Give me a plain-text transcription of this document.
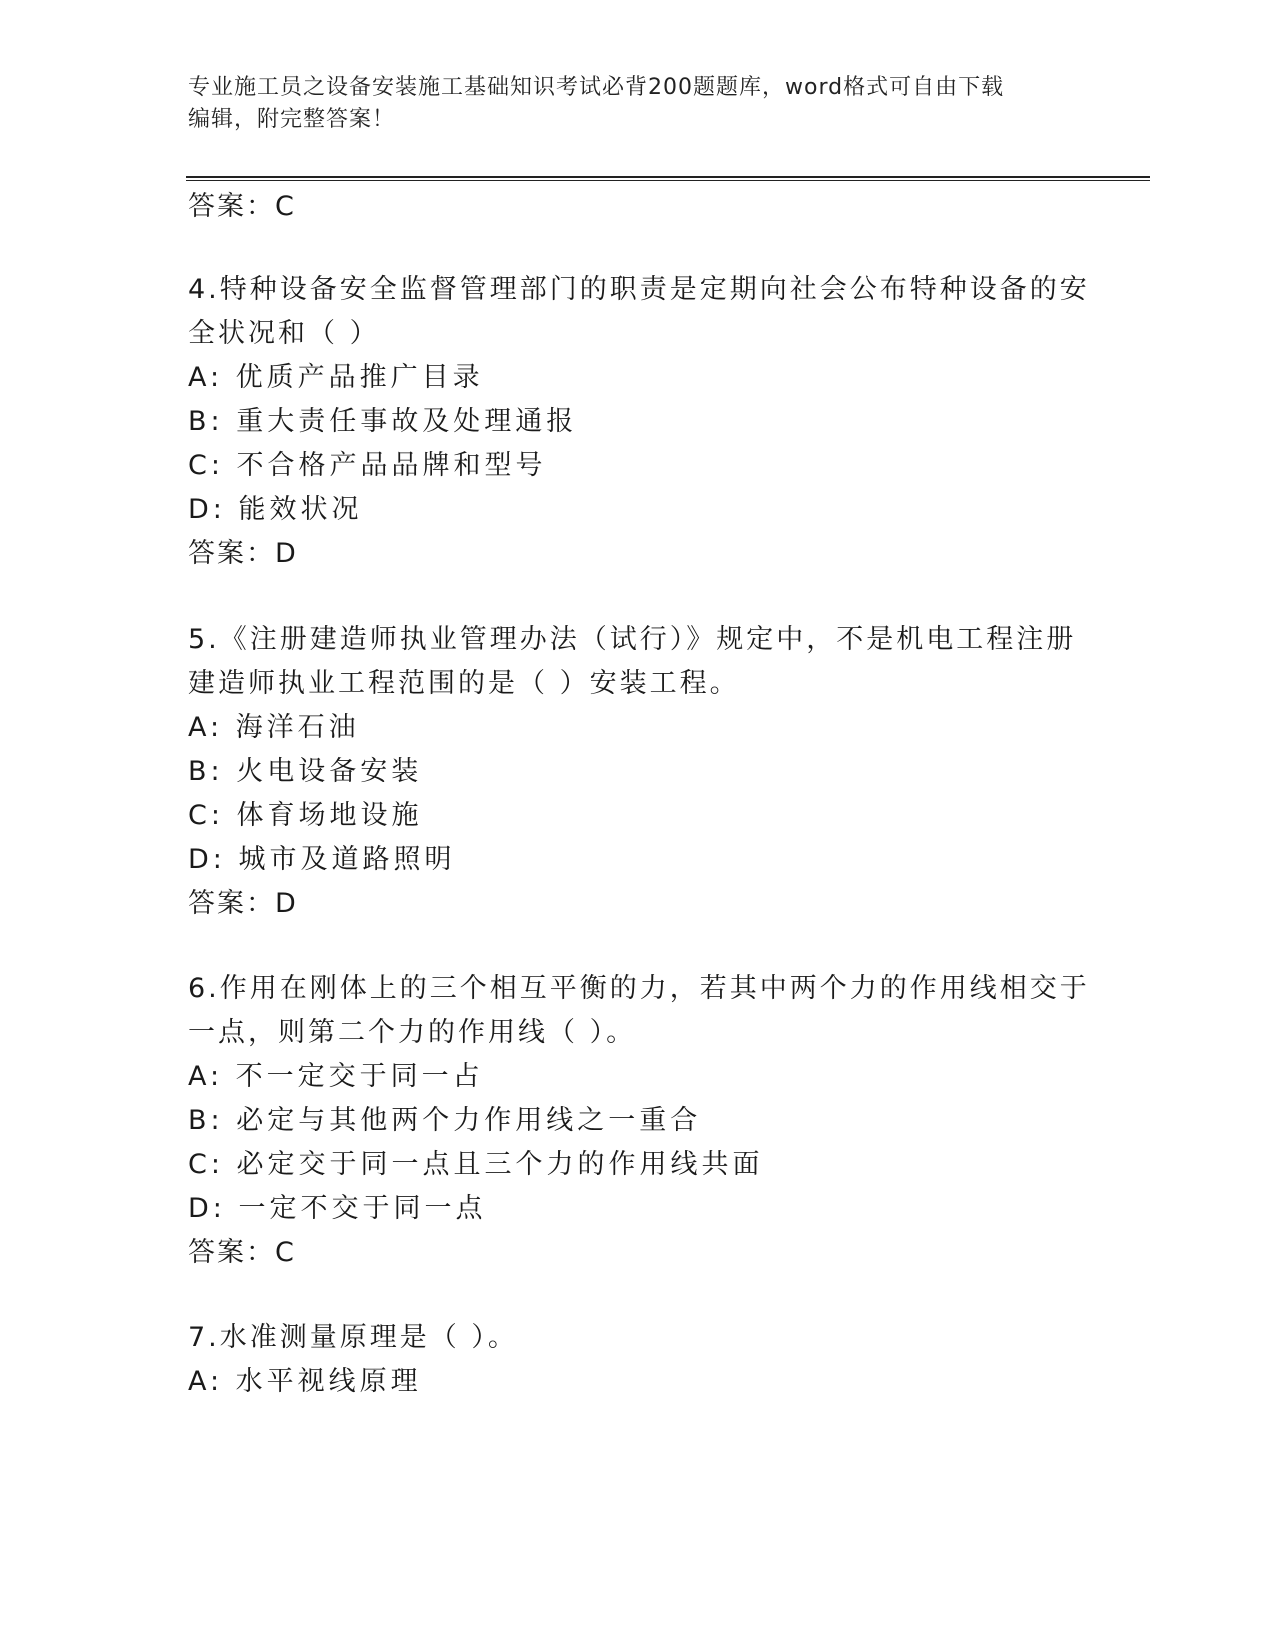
专业施工员之设备安装施工基础知识考试必背200题题库，word格式可自由下载
编辑，附完整答案！
答案：C
4.特种设备安全监督管理部门的职责是定期向社会公布特种设备的安
全状况和（ ）
A: 优质产品推广目录
B: 重大责任事故及处理通报
C: 不合格产品品牌和型号
D: 能效状况
答案：D
5.《注册建造师执业管理办法（试行）》规定中，不是机电工程注册
建造师执业工程范围的是（ ）安装工程。
A: 海洋石油
B: 火电设备安装
C: 体育场地设施
D: 城市及道路照明
答案：D
6.作用在刚体上的三个相互平衡的力，若其中两个力的作用线相交于
一点，则第二个力的作用线（ ）。
A: 不一定交于同一占
B: 必定与其他两个力作用线之一重合
C: 必定交于同一点且三个力的作用线共面
D: 一定不交于同一点
答案：C
7.水准测量原理是（ ）。
A: 水平视线原理
